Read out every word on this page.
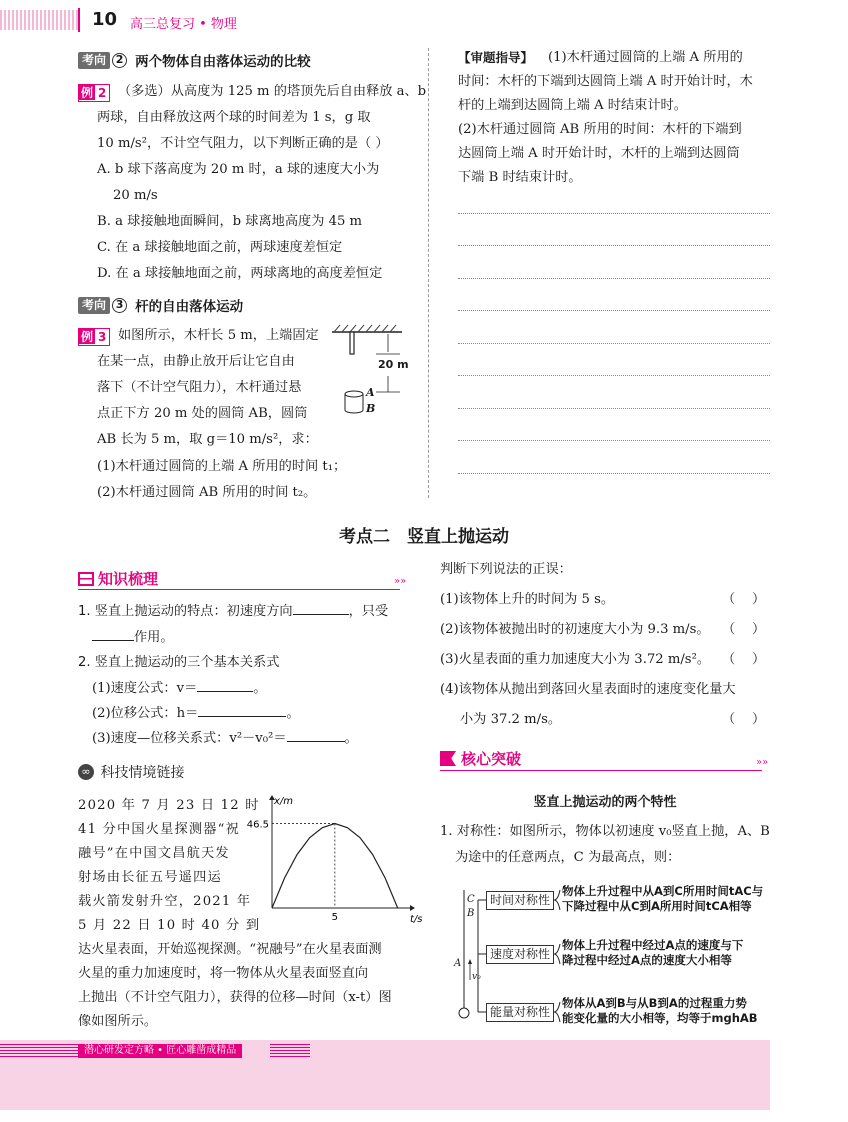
10 高三总复习 • 物理
考向 2 两个物体自由落体运动的比较
例 2 （多选）从高度为 125 m 的塔顶先后自由释放 a、b
两球，自由释放这两个球的时间差为 1 s，g 取
10 m/s²，不计空气阻力，以下判断正确的是（ ）
A. b 球下落高度为 20 m 时，a 球的速度大小为
20 m/s
B. a 球接触地面瞬间，b 球离地高度为 45 m
C. 在 a 球接触地面之前，两球速度差恒定
D. 在 a 球接触地面之前，两球离地的高度差恒定
考向 3 杆的自由落体运动
例 3 如图所示，木杆长 5 m，上端固定
在某一点，由静止放开后让它自由
落下（不计空气阻力），木杆通过悬
点正下方 20 m 处的圆筒 AB，圆筒
AB 长为 5 m，取 g＝10 m/s²，求：
(1)木杆通过圆筒的上端 A 所用的时间 t₁；
(2)木杆通过圆筒 AB 所用的时间 t₂。
20 m
A
B
【审题指导】 (1)木杆通过圆筒的上端 A 所用的
时间：木杆的下端到达圆筒上端 A 时开始计时，木
杆的上端到达圆筒上端 A 时结束计时。
(2)木杆通过圆筒 AB 所用的时间：木杆的下端到
达圆筒上端 A 时开始计时，木杆的上端到达圆筒
下端 B 时结束计时。
考点二　竖直上抛运动
知识梳理	»»
1. 竖直上抛运动的特点：初速度方向	，只受
作用。
2. 竖直上抛运动的三个基本关系式
(1)速度公式：v＝	。
(2)位移公式：h＝	。
(3)速度—位移关系式：v²－v₀²＝	。
∞ 科技情境链接
2020 年 7 月 23 日 12 时
41 分中国火星探测器“祝
融号”在中国文昌航天发
射场由长征五号遥四运
载火箭发射升空，2021 年
5 月 22 日 10 时 40 分 到
达火星表面，开始巡视探测。“祝融号”在火星表面测
火星的重力加速度时，将一物体从火星表面竖直向
上抛出（不计空气阻力），获得的位移—时间（x-t）图
像如图所示。
x/m
t/s
46.5
5
判断下列说法的正误：
(1)该物体上升的时间为 5 s。	（    ）
(2)该物体被抛出时的初速度大小为 9.3 m/s。 （    ）
(3)火星表面的重力加速度大小为 3.72 m/s²。 （    ）
(4)该物体从抛出到落回火星表面时的速度变化量大
小为 37.2 m/s。	（    ）
核心突破	»»
竖直上抛运动的两个特性
1. 对称性：如图所示，物体以初速度 v₀竖直上抛，A、B
为途中的任意两点，C 为最高点，则：
C
B
A
v₀
时间对称性
速度对称性
能量对称性
物体上升过程中从A到C所用时间tAC与
下降过程中从C到A所用时间tCA相等
物体上升过程中经过A点的速度与下
降过程中经过A点的速度大小相等
物体从A到B与从B到A的过程重力势
能变化量的大小相等，均等于mghAB
潜心研发定方略 • 匠心雕凿成精品
